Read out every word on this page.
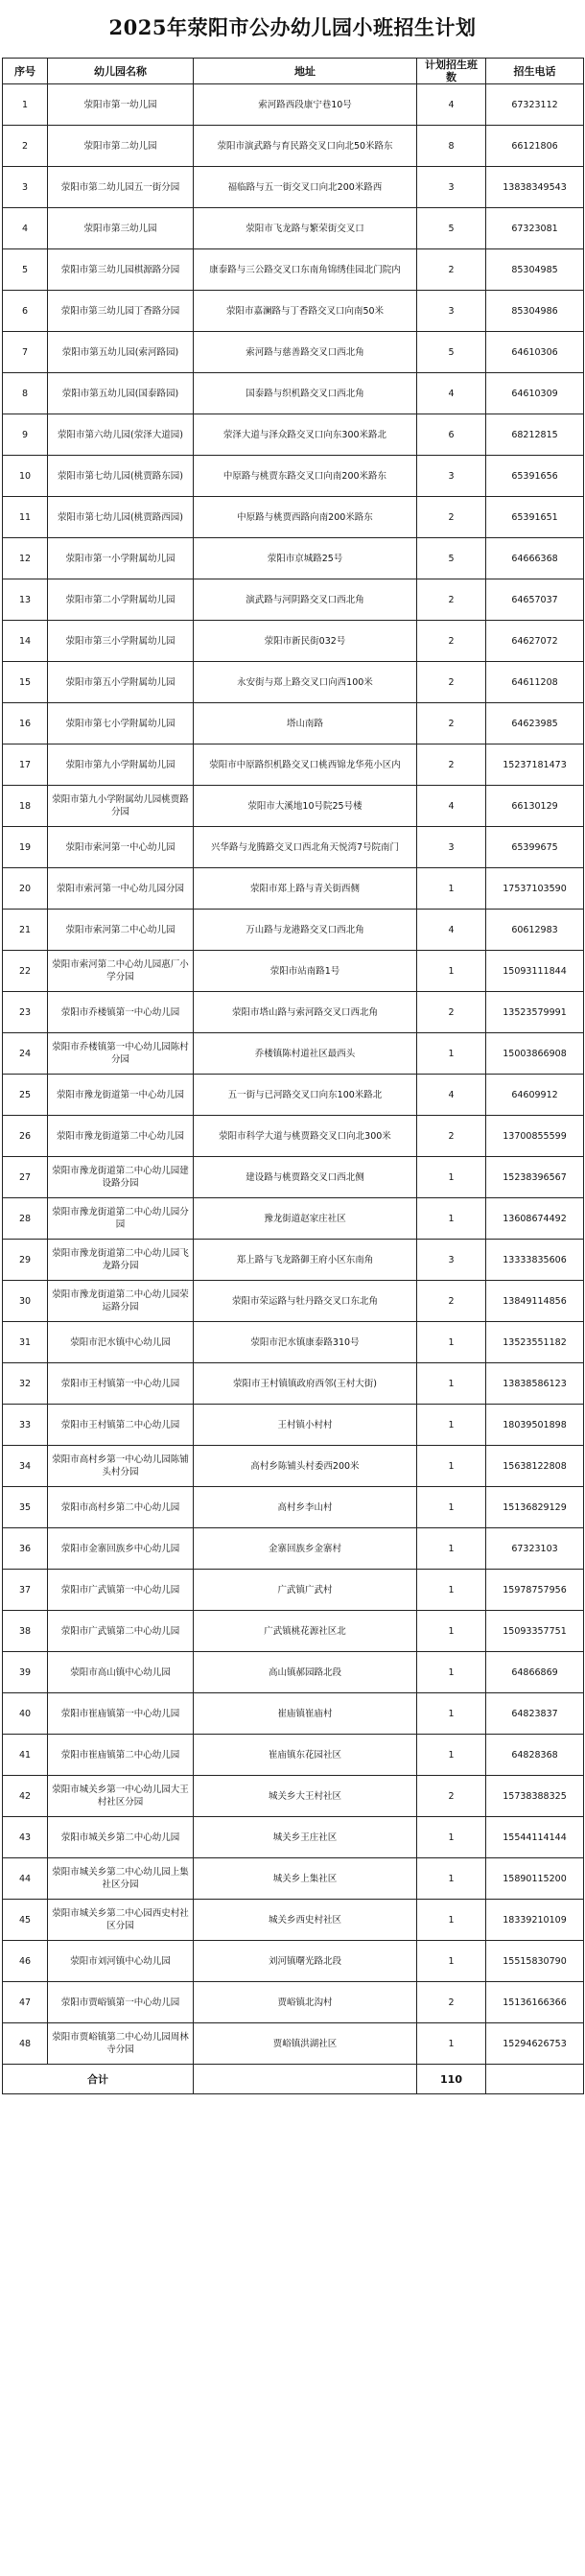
2025年荥阳市公办幼儿园小班招生计划
序号	幼儿园名称	地址	计划招生班数	招生电话
1	荥阳市第一幼儿园	索河路西段康宁巷10号	4	67323112
2	荥阳市第二幼儿园	荥阳市演武路与育民路交叉口向北50米路东	8	66121806
3	荥阳市第二幼儿园五一街分园	福临路与五一街交叉口向北200米路西	3	13838349543
4	荥阳市第三幼儿园	荥阳市飞龙路与繁荣街交叉口	5	67323081
5	荥阳市第三幼儿园棋源路分园	康泰路与三公路交叉口东南角锦绣佳园北门院内	2	85304985
6	荥阳市第三幼儿园丁香路分园	荥阳市嘉澜路与丁香路交叉口向南50米	3	85304986
7	荥阳市第五幼儿园(索河路园)	索河路与慈善路交叉口西北角	5	64610306
8	荥阳市第五幼儿园(国泰路园)	国泰路与织机路交叉口西北角	4	64610309
9	荥阳市第六幼儿园(荥泽大道园)	荥泽大道与泽众路交叉口向东300米路北	6	68212815
10	荥阳市第七幼儿园(桃贾路东园)	中原路与桃贾东路交叉口向南200米路东	3	65391656
11	荥阳市第七幼儿园(桃贾路西园)	中原路与桃贾西路向南200米路东	2	65391651
12	荥阳市第一小学附属幼儿园	荥阳市京城路25号	5	64666368
13	荥阳市第二小学附属幼儿园	演武路与河阴路交叉口西北角	2	64657037
14	荥阳市第三小学附属幼儿园	荥阳市新民街032号	2	64627072
15	荥阳市第五小学附属幼儿园	永安街与郑上路交叉口向西100米	2	64611208
16	荥阳市第七小学附属幼儿园	塔山南路	2	64623985
17	荥阳市第九小学附属幼儿园	荥阳市中原路织机路交叉口桃西锦龙华苑小区内	2	15237181473
18	荥阳市第九小学附属幼儿园桃贾路分园	荥阳市大溪地10号院25号楼	4	66130129
19	荥阳市索河第一中心幼儿园	兴华路与龙腾路交叉口西北角天悦湾7号院南门	3	65399675
20	荥阳市索河第一中心幼儿园分园	荥阳市郑上路与青关街西侧	1	17537103590
21	荥阳市索河第二中心幼儿园	万山路与龙港路交叉口西北角	4	60612983
22	荥阳市索河第二中心幼儿园惠厂小学分园	荥阳市站南路1号	1	15093111844
23	荥阳市乔楼镇第一中心幼儿园	荥阳市塔山路与索河路交叉口西北角	2	13523579991
24	荥阳市乔楼镇第一中心幼儿园陈村分园	乔楼镇陈村道社区最西头	1	15003866908
25	荥阳市豫龙街道第一中心幼儿园	五一街与已河路交叉口向东100米路北	4	64609912
26	荥阳市豫龙街道第二中心幼儿园	荥阳市科学大道与桃贾路交叉口向北300米	2	13700855599
27	荥阳市豫龙街道第二中心幼儿园建设路分园	建设路与桃贾路交叉口西北侧	1	15238396567
28	荥阳市豫龙街道第二中心幼儿园分园	豫龙街道赵家庄社区	1	13608674492
29	荥阳市豫龙街道第二中心幼儿园飞龙路分园	郑上路与飞龙路御王府小区东南角	3	13333835606
30	荥阳市豫龙街道第二中心幼儿园荣运路分园	荥阳市荣运路与牡丹路交叉口东北角	2	13849114856
31	荥阳市汜水镇中心幼儿园	荥阳市汜水镇康泰路310号	1	13523551182
32	荥阳市王村镇第一中心幼儿园	荥阳市王村镇镇政府西邻(王村大街)	1	13838586123
33	荥阳市王村镇第二中心幼儿园	王村镇小村村	1	18039501898
34	荥阳市高村乡第一中心幼儿园陈铺头村分园	高村乡陈铺头村委西200米	1	15638122808
35	荥阳市高村乡第二中心幼儿园	高村乡李山村	1	15136829129
36	荥阳市金寨回族乡中心幼儿园	金寨回族乡金寨村	1	67323103
37	荥阳市广武镇第一中心幼儿园	广武镇广武村	1	15978757956
38	荥阳市广武镇第二中心幼儿园	广武镇桃花源社区北	1	15093357751
39	荥阳市高山镇中心幼儿园	高山镇郝园路北段	1	64866869
40	荥阳市崔庙镇第一中心幼儿园	崔庙镇崔庙村	1	64823837
41	荥阳市崔庙镇第二中心幼儿园	崔庙镇东花园社区	1	64828368
42	荥阳市城关乡第一中心幼儿园大王村社区分园	城关乡大王村社区	2	15738388325
43	荥阳市城关乡第二中心幼儿园	城关乡王庄社区	1	15544114144
44	荥阳市城关乡第二中心幼儿园上集社区分园	城关乡上集社区	1	15890115200
45	荥阳市城关乡第二中心园西史村社区分园	城关乡西史村社区	1	18339210109
46	荥阳市刘河镇中心幼儿园	刘河镇曙光路北段	1	15515830790
47	荥阳市贾峪镇第一中心幼儿园	贾峪镇北沟村	2	15136166366
48	荥阳市贾峪镇第二中心幼儿园周林寺分园	贾峪镇洪湖社区	1	15294626753
合计			110	
